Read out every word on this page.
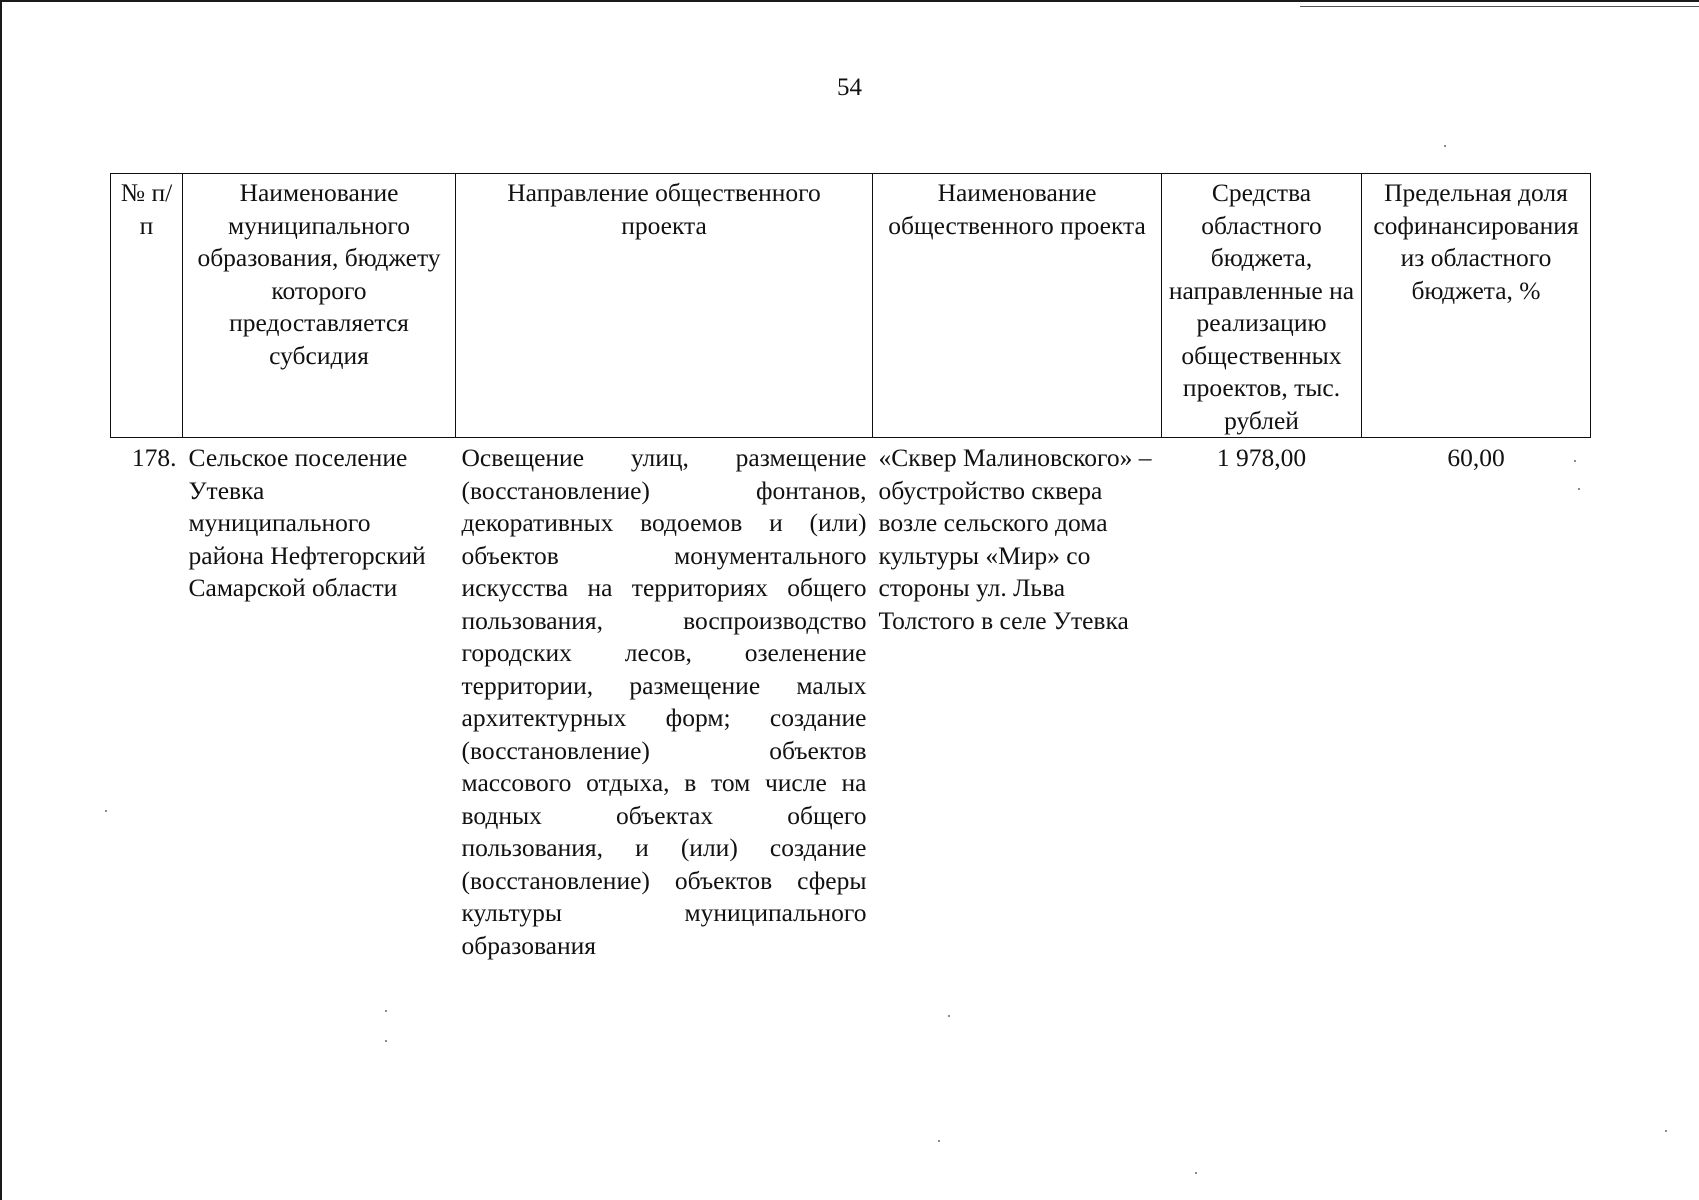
54
№ п/п	Наименование муниципального образования, бюджету которого предоставляется субсидия	Направление общественного проекта	Наименование общественного проекта	Средства областного бюджета, направленные на реализацию общественных проектов, тыс. рублей	Предельная доля софинансирования из областного бюджета, %
178.	Сельское поселение Утевка муниципального района Нефтегорский Самарской области	Освещение улиц, размещение (восстановление) фонтанов, декоративных водоемов и (или) объектов монументального искусства на территориях общего пользования, воспроизводство городских лесов, озеленение территории, размещение малых архитектурных форм; создание (восстановление) объектов массового отдыха, в том числе на водных объектах общего пользования, и (или) создание (восстановление) объектов сферы культуры муниципального образования	«Сквер Малиновского» – обустройство сквера возле сельского дома культуры «Мир» со стороны ул. Льва Толстого в селе Утевка	1 978,00	60,00
